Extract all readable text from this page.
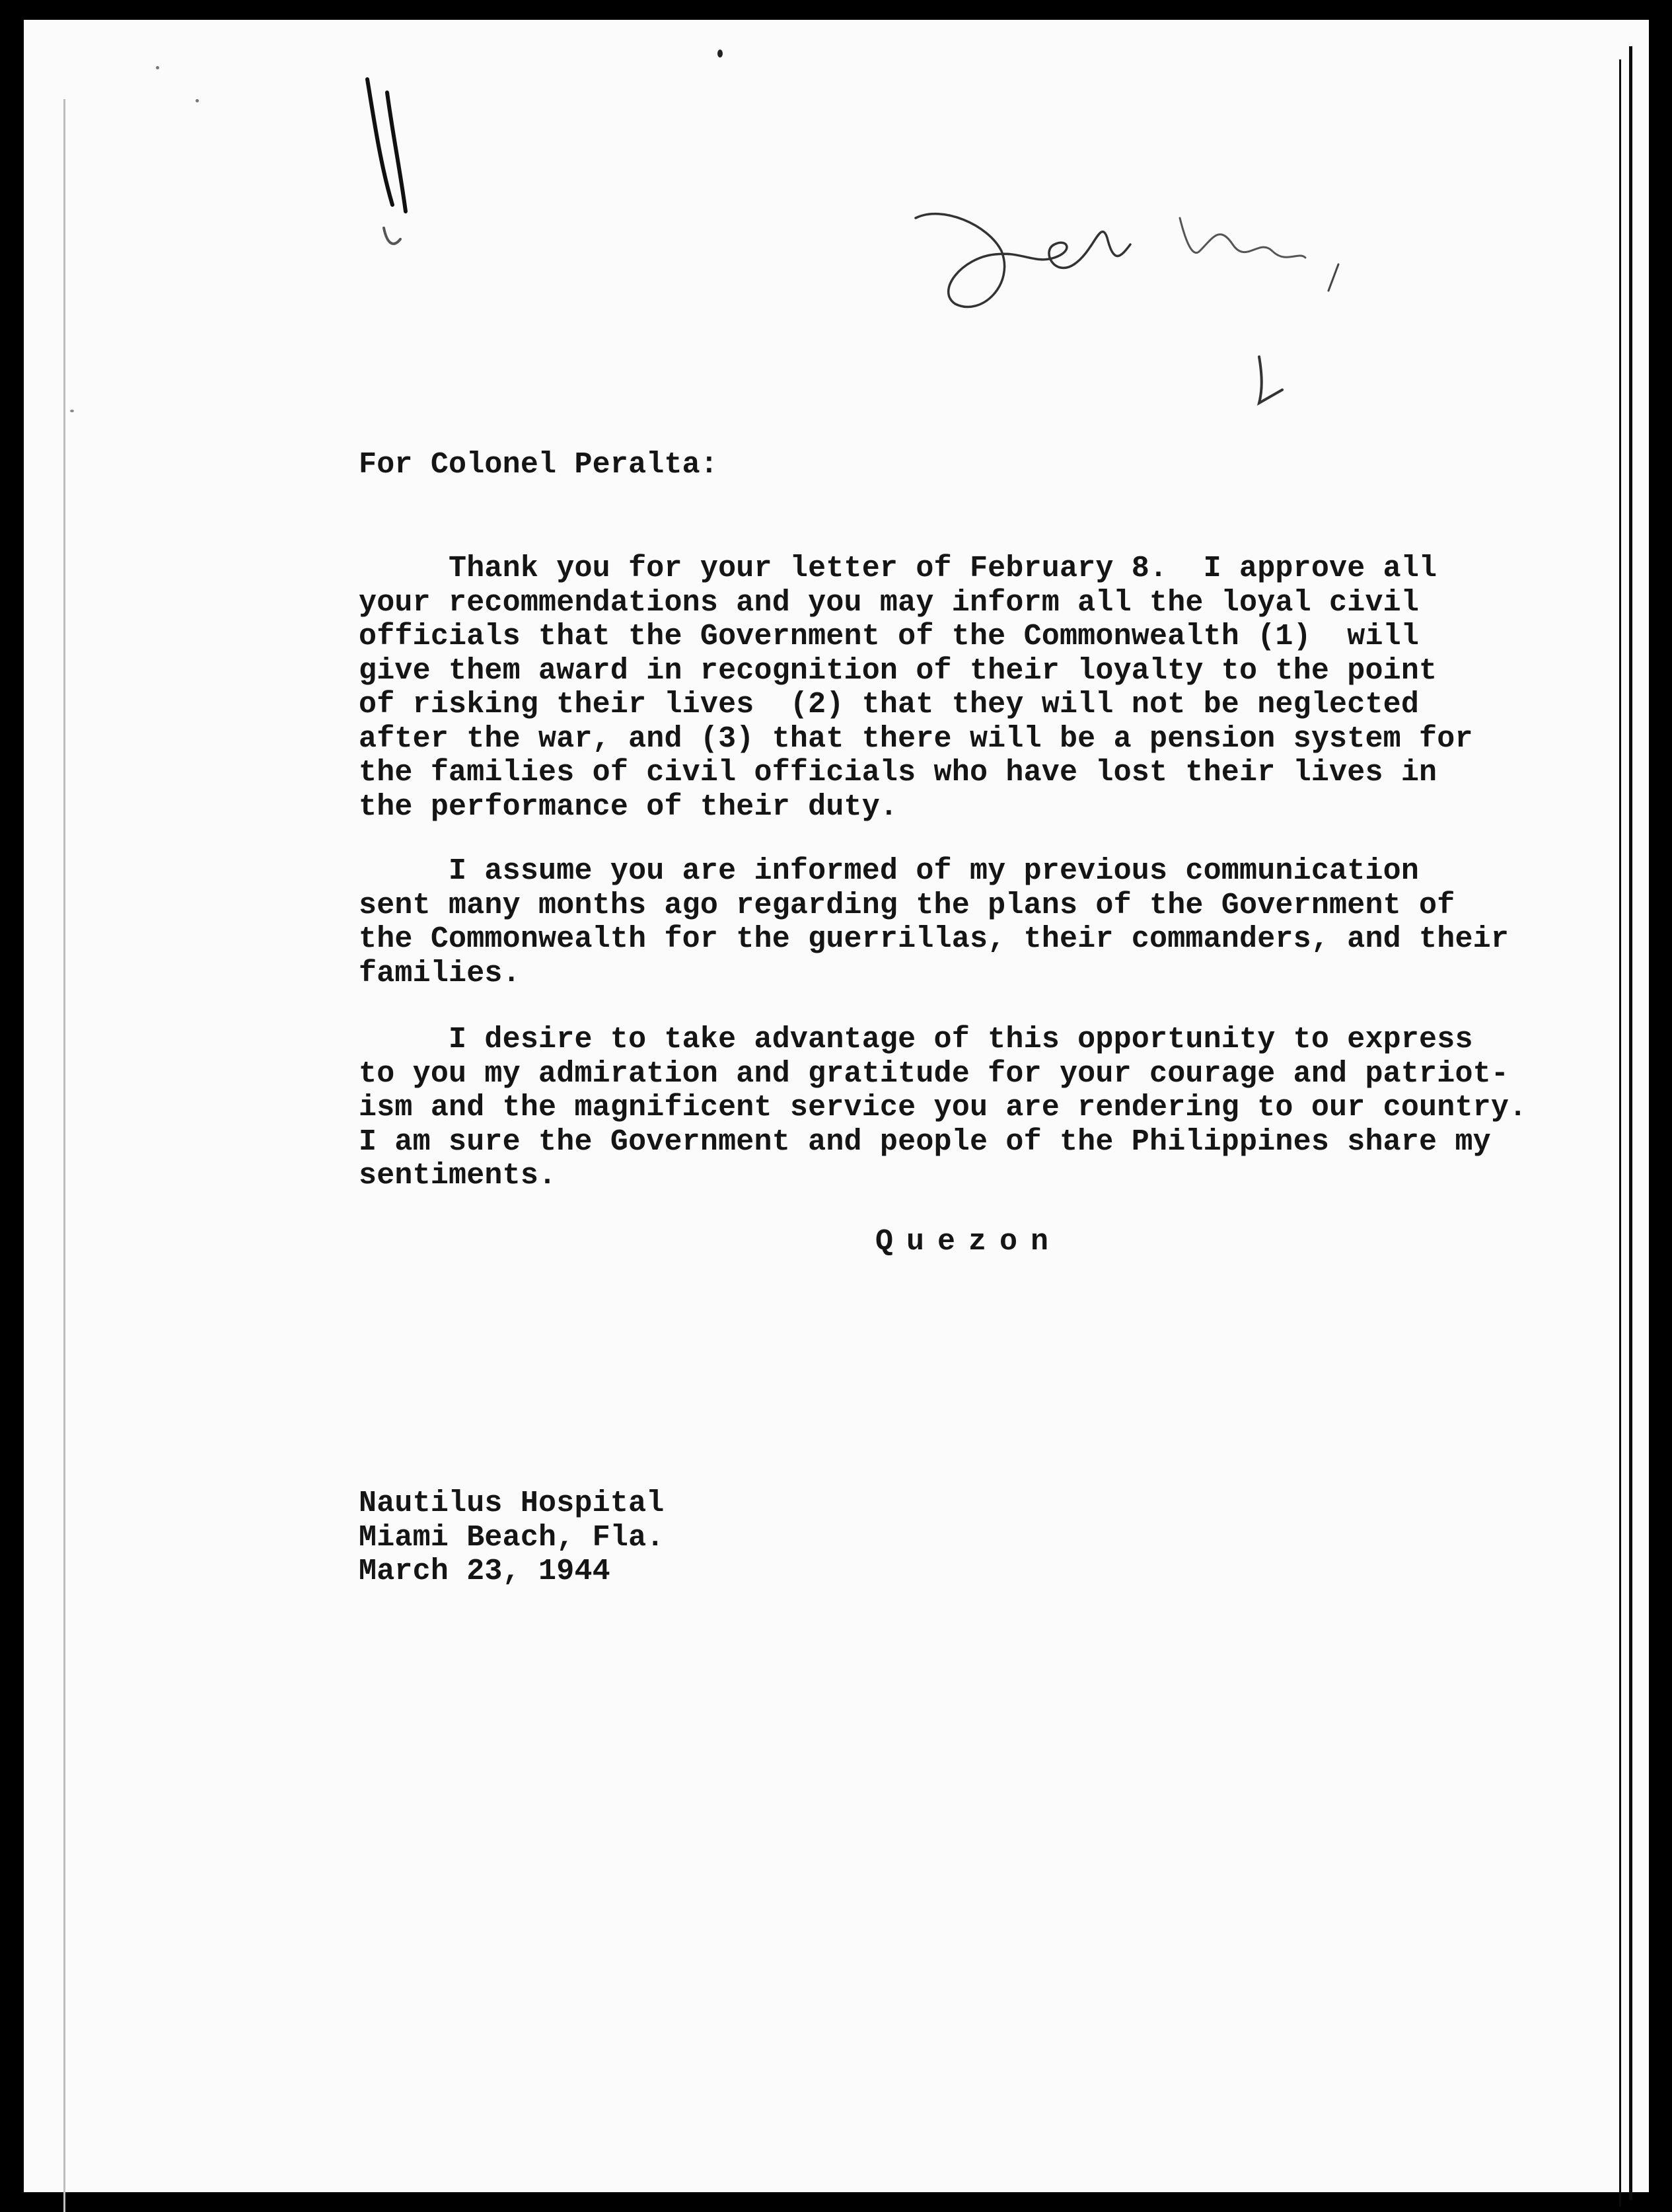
For Colonel Peralta:
Thank you for your letter of February 8.  I approve all
your recommendations and you may inform all the loyal civil
officials that the Government of the Commonwealth (1)  will
give them award in recognition of their loyalty to the point
of risking their lives  (2) that they will not be neglected
after the war, and (3) that there will be a pension system for
the families of civil officials who have lost their lives in
the performance of their duty.
I assume you are informed of my previous communication
sent many months ago regarding the plans of the Government of
the Commonwealth for the guerrillas, their commanders, and their
families.
I desire to take advantage of this opportunity to express
to you my admiration and gratitude for your courage and patriot-
ism and the magnificent service you are rendering to our country.
I am sure the Government and people of the Philippines share my
sentiments.
Quezon
Nautilus Hospital
Miami Beach, Fla.
March 23, 1944
